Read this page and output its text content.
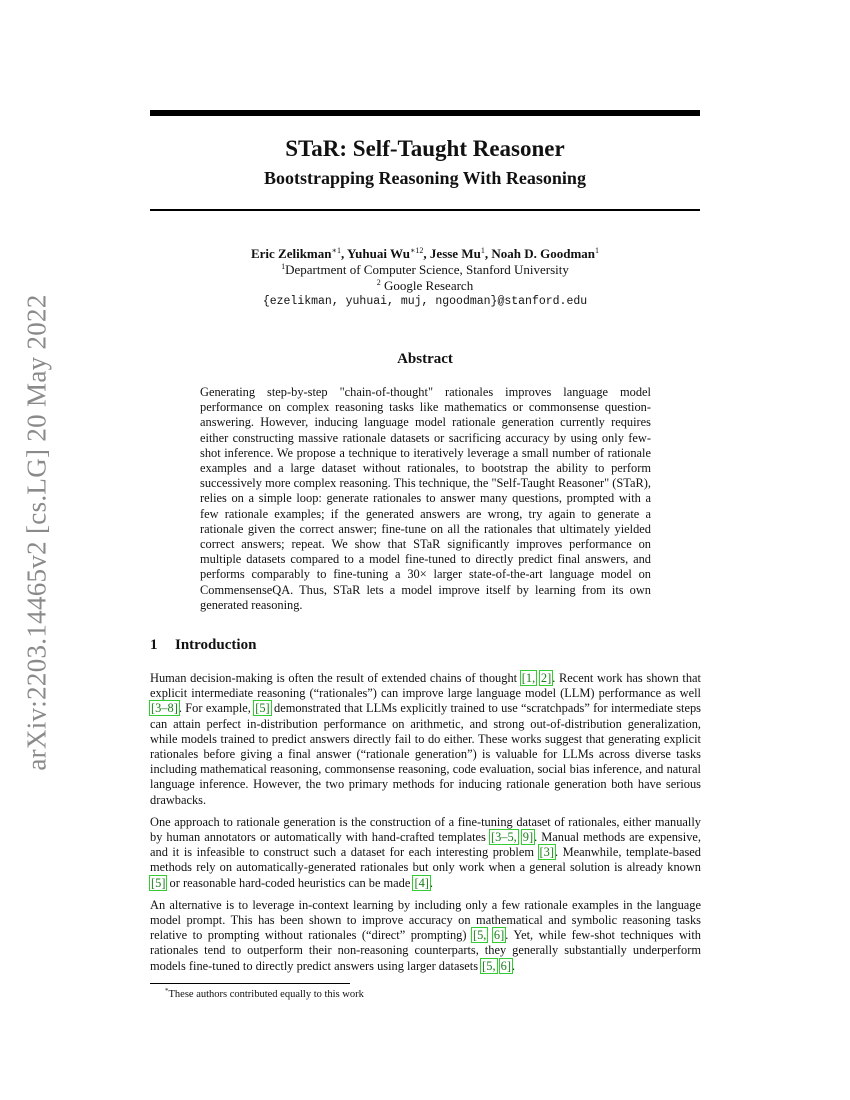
arXiv:2203.14465v2 [cs.LG] 20 May 2022
STaR: Self-Taught Reasoner
Bootstrapping Reasoning With Reasoning
Eric Zelikman$^{∗1}$, Yuhuai $Wu^{∗12}$, Jesse Mu$^1$, Noah D. Goodman$^1$
$^1$Department of Computer Science, Stanford University
$^2$ Google Research
{ezelikman, yuhuai, muj, ngoodman}@stanford.edu
Abstract
Generating step-by-step "chain-of-thought" rationales improves language model performance on complex reasoning tasks like mathematics or commonsense question-answering. However, inducing language model rationale generation currently requires either constructing massive rationale datasets or sacrificing accuracy by using only few-shot inference. We propose a technique to iteratively leverage a small number of rationale examples and a large dataset without rationales, to bootstrap the ability to perform successively more complex reasoning. This technique, the "Self-Taught Reasoner" (STaR), relies on a simple loop: generate rationales to answer many questions, prompted with a few rationale examples; if the generated answers are wrong, try again to generate a rationale given the correct answer; fine-tune on all the rationales that ultimately yielded correct answers; repeat. We show that STaR significantly improves performance on multiple datasets compared to a model fine-tuned to directly predict final answers, and performs comparably to fine-tuning a 30× larger state-of-the-art language model on CommensenseQA. Thus, STaR lets a model improve itself by learning from its own generated reasoning.
1 Introduction

Human decision-making is often the result of extended chains of thought [1, 2]. Recent work has shown that explicit intermediate reasoning (“rationales”) can improve large language model (LLM) performance as well [3–8]. For example, [5] demonstrated that LLMs explicitly trained to use “scratchpads” for intermediate steps can attain perfect in-distribution performance on arithmetic, and strong out-of-distribution generalization, while models trained to predict answers directly fail to do either. These works suggest that generating explicit rationales before giving a final answer (“rationale generation”) is valuable for LLMs across diverse tasks including mathematical reasoning, commonsense reasoning, code evaluation, social bias inference, and natural language inference. However, the two primary methods for inducing rationale generation both have serious drawbacks.

One approach to rationale generation is the construction of a fine-tuning dataset of rationales, either manually by human annotators or automatically with hand-crafted templates [3–5, 9]. Manual methods are expensive, and it is infeasible to construct such a dataset for each interesting problem [3]. Meanwhile, template-based methods rely on automatically-generated rationales but only work when a general solution is already known [5] or reasonable hard-coded heuristics can be made [4].

An alternative is to leverage in-context learning by including only a few rationale examples in the language model prompt. This has been shown to improve accuracy on mathematical and symbolic reasoning tasks relative to prompting without rationales (“direct” prompting) [5, 6]. Yet, while few-shot techniques with rationales tend to outperform their non-reasoning counterparts, they generally substantially underperform models fine-tuned to directly predict answers using larger datasets [5, 6].

*These authors contributed equally to this work
